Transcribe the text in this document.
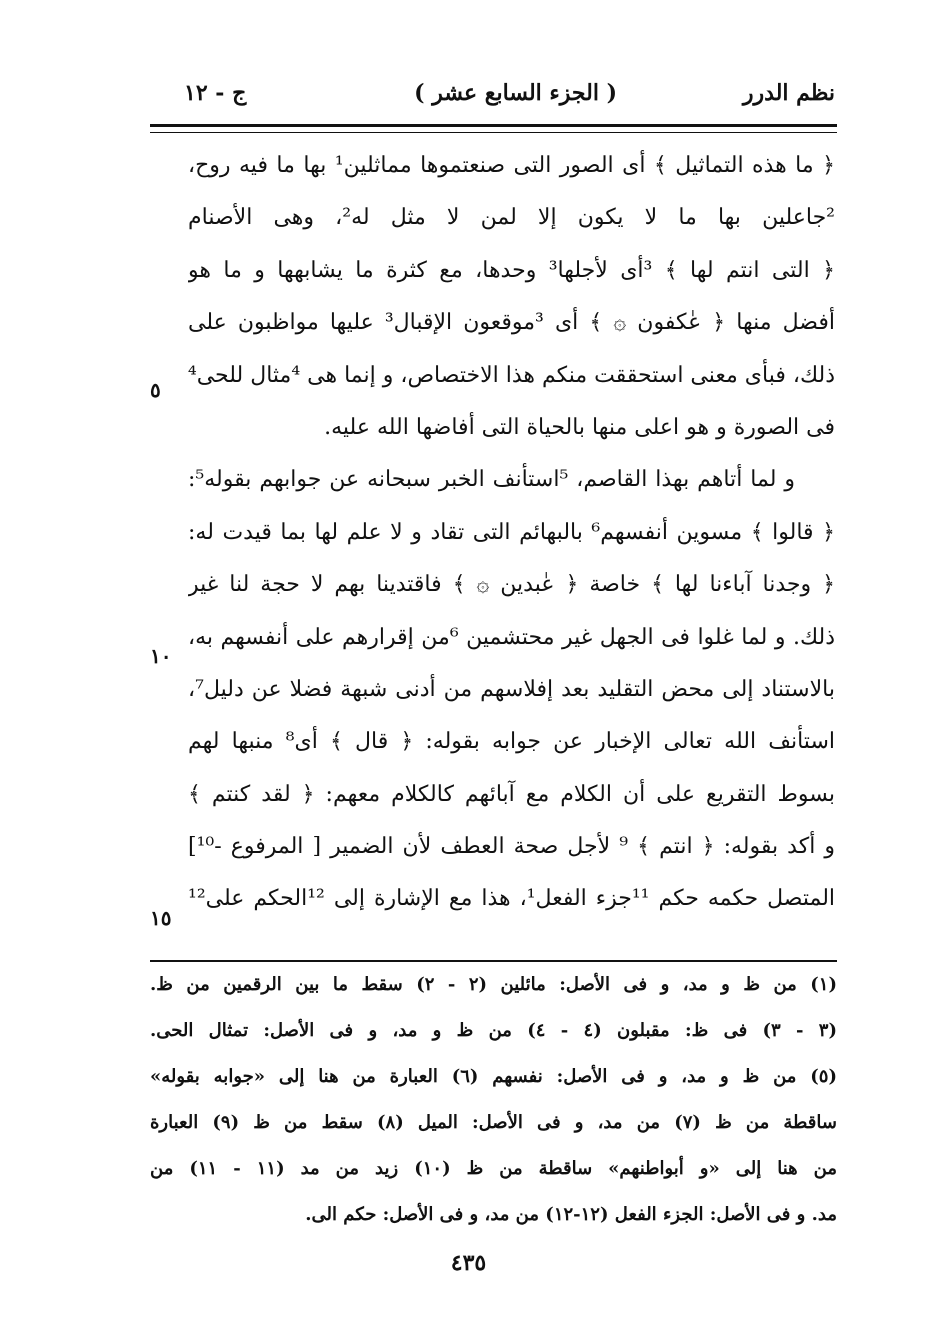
نظم الدرر
( الجزء السابع عشر )
ج - ١٢
﴿ ما هذه التماثيل ﴾ أى الصور التى صنعتموها مماثلين¹ بها ما فيه روح،
²جاعلين بها ما لا يكون إلا لمن لا مثل له²، وهى الأصنام
﴿ التى انتم لها ﴾ ³أى لأجلها³ وحدها، مع كثرة ما يشابهها و ما هو
أفضل منها ﴿ عٰكفون ۞ ﴾ أى ³موقعون الإقبال³ عليها مواظبون على
ذلك، فبأى معنى استحققت منكم هذا الاختصاص، و إنما هى ⁴مثال للحى⁴
فى الصورة و هو اعلى منها بالحياة التى أفاضها الله عليه.
و لما أتاهم بهذا القاصم، ⁵استأنف الخبر سبحانه عن جوابهم بقوله⁵:
﴿ قالوا ﴾ مسوين أنفسهم⁶ بالبهائم التى تقاد و لا علم لها بما قيدت له:
﴿ وجدنا آباءنا لها ﴾ خاصة ﴿ عٰبدين ۞ ﴾ فاقتدينا بهم لا حجة لنا غير
ذلك. و لما غلوا فى الجهل غير محتشمين ⁶من إقرارهم على أنفسهم به،
بالاستناد إلى محض التقليد بعد إفلاسهم من أدنى شبهة فضلا عن دليل⁷،
استأنف الله تعالى الإخبار عن جوابه بقوله: ﴿ قال ﴾ أى⁸ منبها لهم
بسوط التقريع على أن الكلام مع آبائهم كالكلام معهم: ﴿ لقد كنتم ﴾
و أكد بقوله: ﴿ انتم ﴾ ⁹ لأجل صحة العطف لأن الضمير [ المرفوع -¹⁰]
المتصل حكمه حكم ¹¹جزء الفعل¹، هذا مع الإشارة إلى ¹²الحكم على¹²
٥
١٠
١٥
(١) من ظ و مد، و فى الأصل: مائلين (٢ - ٢) سقط ما بين الرقمين من ظ.
(٣ - ٣) فى ظ: مقبلون (٤ - ٤) من ظ و مد، و فى الأصل: تمثال الحى.
(٥) من ظ و مد، و فى الأصل: نفسهم (٦) العبارة من هنا إلى «جوابه بقوله»
ساقطة من ظ (٧) من مد، و فى الأصل: الميل (٨) سقط من ظ (٩) العبارة
من هنا إلى «و أبواطنهم» ساقطة من ظ (١٠) زيد من مد (١١ - ١١) من
مد. و فى الأصل: الجزء الفعل (١٢-١٢) من مد، و فى الأصل: حكم الى.
٤٣٥
